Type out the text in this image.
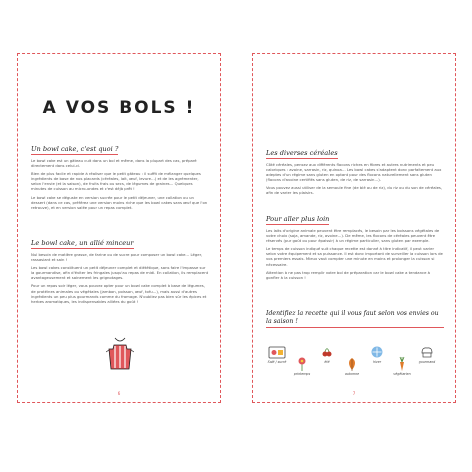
A VOS BOLS !
Un bowl cake, c'est quoi ?

Le bowl cake est un gâteau cuit dans un bol et même, dans la plupart des cas, préparé directement dans celui-ci.

Bien de plus facile et rapide à réaliser que le petit gâteau : il suffit de mélanger quelques ingrédients de base de nos placards (céréales, lait, œuf, levure…) et de les agrémenter, selon l'envie (et la saison), de fruits frais ou secs, de légumes de graines… Quelques minutes de cuisson au micro-ondes et c'est déjà prêt !

Le bowl cake se déguste en version sucrée pour le petit déjeuner, une collation ou un dessert (dans ce cas, préférez une version moins riche que les bowl cakes sans œuf que l'on retrouve), et en version salée pour un repas complet.

Le bowl cake, un allié minceur

Nul besoin de matière grasse, de farine ou de sucre pour composer un bowl cake… Léger, rassasiant et sain !

Les bowl cakes constituent un petit déjeuner complet et diététique, sans faire l'impasse sur la gourmandise, afin d'éviter les fringales jusqu'au repas de midi. En collation, ils remplacent avantageusement et sainement les grignotages.

Pour un repas soir léger, vous pouvez opter pour un bowl cake complet à base de légumes, de protéines animales ou végétales (jambon, poisson, œuf, tofu…), mais aussi d'autres ingrédients un peu plus gourmands comme du fromage. N'oubliez pas bien sûr les épices et herbes aromatiques, les indispensables alliées du goût !

6
Les diverses céréales

Côté céréales, pensez aux différents flocons riches en fibres et autres nutriments et peu caloriques : avoine, sarrasin, riz, quinoa… Les bowl cakes s'adaptent donc parfaitement aux adeptes d'un régime sans gluten en optant pour des flocons naturellement sans gluten (flocons d'avoine certifiés sans gluten, de riz, de sarrasin…).

Vous pouvez aussi utiliser de la semoule fine (de blé ou de riz), du riz ou du son de céréales, afin de varier les plaisirs.

Pour aller plus loin

Les laits d'origine animale peuvent être remplacés, le besoin par les boissons végétales de votre choix (soja, amande, riz, avoine…). De même, les flocons de céréales peuvent être réservés (pur goût ou pour épaissir) à un régime particulier, sans gluten par exemple.

Le temps de cuisson indiqué suit chaque recette est donné à titre indicatif, il peut varier selon votre équipement et sa puissance. Il est donc important de surveiller la cuisson lors de vos premiers essais. Mieux vaut compter une minute en moins et prolonger la cuisson si nécessaire.

Attention à ne pas trop remplir votre bol de préparation car le bowl cake a tendance à gonfler à la cuisson !

Identifiez la recette qui il vous faut selon vos envies ou la saison !
Salé / sucré
printemps
été
automne
hiver
végétarien
gourmand
7
